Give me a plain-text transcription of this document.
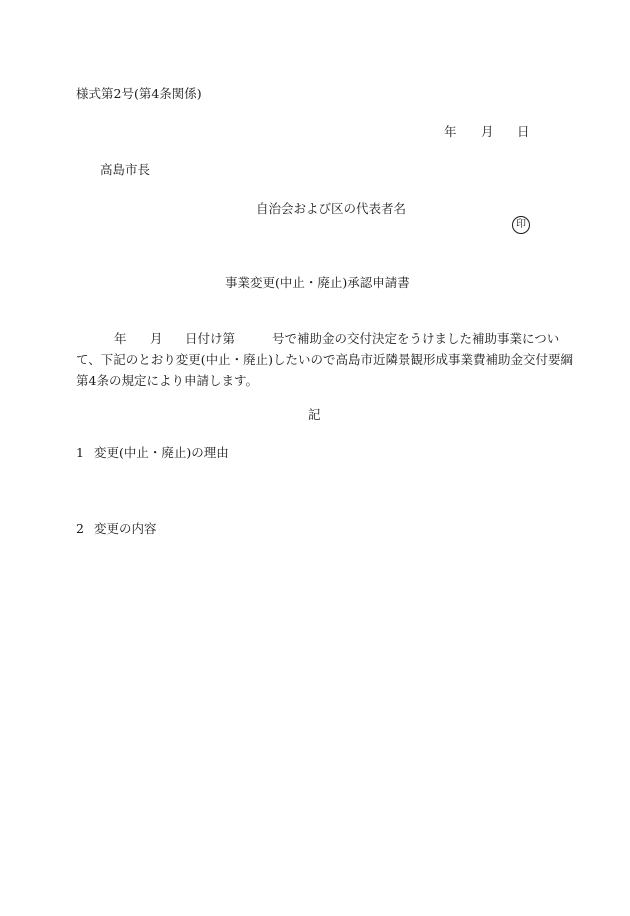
様式第2号(第4条関係)
年 月 日
高島市長
自治会および区の代表者名
印
事業変更(中止・廃止)承認申請書
年 月 日付け第	号で補助金の交付決定をうけました補助事業につい
て、下記のとおり変更(中止・廃止)したいので高島市近隣景観形成事業費補助金交付要綱
第4条の規定により申請します。
記
1 変更(中止・廃止)の理由
2 変更の内容
